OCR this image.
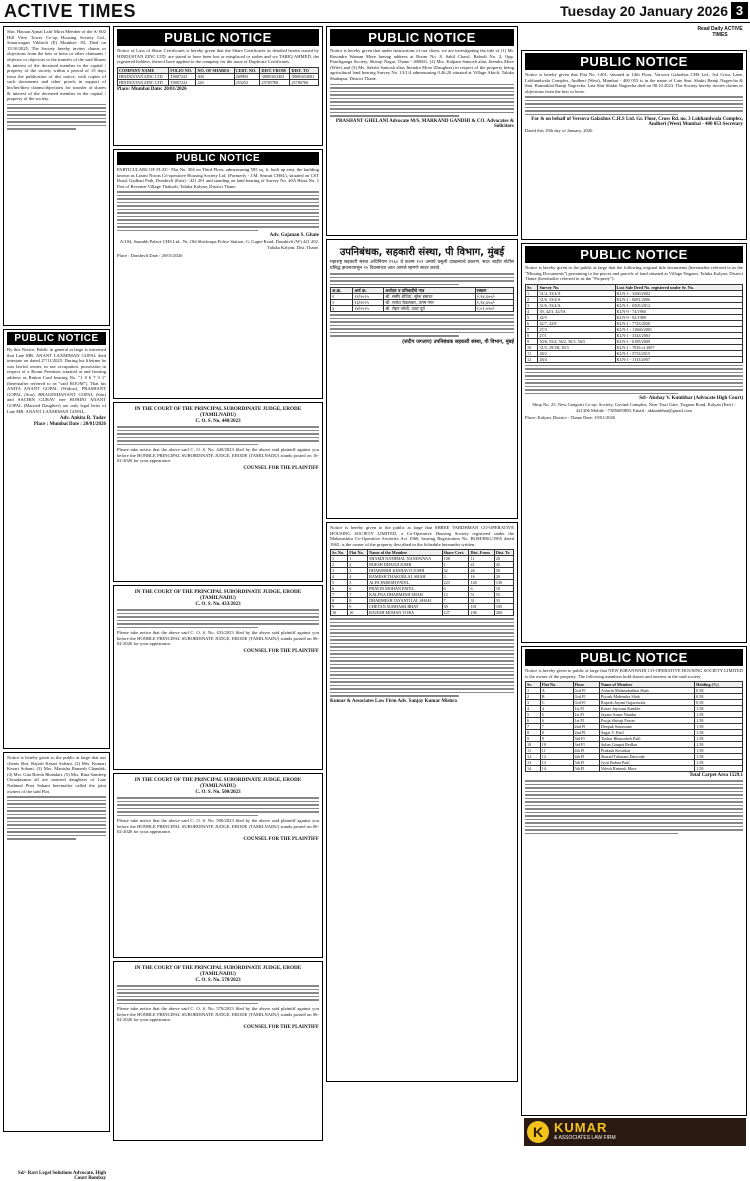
ACTIVE TIMES	Tuesday 20 January 2026 3

Shri. Hassan Ajmal Latif Mirzi Member of the A/ 602 Hill View Tower Co-op Housing Society Ltd., Sonarwagan Vikhroli (E) Mumbai- 83, Died on 15/10/2025. The Society hereby invites claims or objections from the heir or heirs or other claimants / objector or objectors to the transfer of the said Shares & interest of the deceased member in the capital / property of the society within a period of 15 days from the publication of this notice, with copies of such documents and other proofs in support of his/her/their claims/objections for transfer of shares & interest of the deceased member in the capital / property of the society.

PUBLIC NOTICE

By this Notice, Public in general at large is informed that Late MR. ANANT LAXMIMAN GOPAL died intestate on dated 27/11/2025. During his lifetime he was lawful owner, in use occupation, possession in respect of a Room Premises situated at and bearing address as Ration Card bearing No. "1 0 6 7 3 1" (hereinafter referred to as "said ROOM"). That his ANITA ANANT GOPAL (Widow), PRASHANT GOPAL (Son), BHAGESHANANT GOPAL (Son) and SACHIN GURAV nee ROHINI ANANT GOPAL (Married Daughter) are only legal heirs of Late MR. ANANT LAXMIMAN GOPAL.

Adv. Ankita R. Yadav
Place : Mumbai Date : 20/01/2026

Notice is hereby given to the public at large that our clients Shri. Rajesh Kesari Sobani, (2) Mrs. Kumari Kesari Sobani, (3) Mrs. Manisha Ramesh Chandak, (4) Mrs. Gita Ritesh Bhandari, (5) Mrs. Rina Sandeep Choudasama all are married daughters of Late Nathmal Pitra Sobani hereinafter called the joint owners of the said Flat.

Sd/- Ravi Legal Solutions Advocate, High Court Bombay
PUBLIC NOTICE

Notice of Loss of Share Certificates is hereby given that the Share Certificates as detailed herein issued by HINDUSTAN ZINC LTD. are stated to have been lost or misplaced or stolen and we TARIQ AHMED, the registered holders, thereof have applied to the company for the issue of Duplicate Certificates.

COMPANY NAME	FOLIO NO.	NO. OF SHARES	CERT. NO.	DIST. FROM	DIST. TO
HINDUSTAN ZINC LTD	T0007223	400	269993	38881653481	38881654081
HINDUSTAN ZINC LTD	T0007223	240	253253	25785768	25786760
Place: Mumbai Date: 20/01/2026
PUBLIC NOTICE

PARTICULARS OF FLAT:- Flat No. 304 on Third Floor, admeasuring 585 sq. ft. built up area, the building known as Laxmi Niwas Co-operative Housing Society Ltd. (Formerly - J.M. Smruti CHSL), situated on CST Road, Gadkari Path, Dombivli (East) - 421 201 and standing on land bearing of Survey No. 40A Hissa No. 1 Part of Revenue Village Thakurli, Taluka Kalyan, District Thane.

Adv. Gajanan S. Ghate

A/104, Saurabh Palace CHS Ltd., Nr. Old Shivkrupa Police Station, G. Gupte Road, Dombivli (W) 421 202. Taluka Kalyan, Dist. Thane.

Place : Dombivli Date : 20/01/2026

IN THE COURT OF THE PRINCIPAL SUBORDINATE JUDGE, ERODE (TAMILNADU)
C. O. S. No. 440/2023

Please take notice that the above said C. O. S. No. 440/2023 filed by the above said plaintiff against you before the HONBLE PRINCIPAL SUBORDINATE JUDGE, ERODE (TAMILNADU) stands posted on 16-02-2026 for your appearance.

COUNSEL FOR THE PLAINTIFF
IN THE COURT OF THE PRINCIPAL SUBORDINATE JUDGE, ERODE (TAMILNADU)
C. O. S. No. 433/2023

Please take notice that the above said C. O. S. No. 433/2023 filed by the above said plaintiff against you before the HONBLE PRINCIPAL SUBORDINATE JUDGE, ERODE (TAMILNADU) stands posted on 06-02-2026 for your appearance.

COUNSEL FOR THE PLAINTIFF
IN THE COURT OF THE PRINCIPAL SUBORDINATE JUDGE, ERODE (TAMILNADU)
C. O. S. No. 500/2023

Please take notice that the above said C. O. S. No. 500/2023 filed by the above said plaintiff against you before the HONBLE PRINCIPAL SUBORDINATE JUDGE, ERODE (TAMILNADU) stands posted on 06-02-2026 for your appearance.

COUNSEL FOR THE PLAINTIFF
IN THE COURT OF THE PRINCIPAL SUBORDINATE JUDGE, ERODE (TAMILNADU)
C. O. S. No. 570/2023

Please take notice that the above said C. O. S. No. 570/2023 filed by the above said plaintiff against you before the HONBLE PRINCIPAL SUBORDINATE JUDGE, ERODE (TAMILNADU) stands posted on 06-02-2026 for your appearance.

COUNSEL FOR THE PLAINTIFF
PUBLIC NOTICE

Notice is hereby given that under instructions of our client, we are investigating the title of (1) Mr. Ravindra Waman More having address at Room No. 8, Sahil Chawl, Rabodi No. 2, Opp. Panchganga Society, Shivaji Nagar, Thane - 400601, (2) Mrs. Kalpani Santosh alias Jitendra More (Wife) and (3) Ms. Sakshi Santosh alias Jitendra More (Daughter) in respect of the property being agricultural land bearing Survey No. 13/1/4 admeasuring 0.46.20 situated at Village Aktoli, Taluka Shahapur, District Thane.

PRASHANT GHELANI Advocate M/S. MARKAND GANDHI & CO. Advocates & Solicitors
उपनिबंधक, सहकारी संस्था, पी विभाग, मुंबई

महाराष्ट्र सहकारी संस्था अधिनियम १९६० चे कलम १०१ अन्वये वसुली दाखल्याचे प्रकरण. सदर जाहीर नोटीस प्रसिद्ध झाल्यापासून १५ दिवसांच्या आत आपले म्हणणे सादर करावे.

अ.क्र.	अर्ज क्र.	अर्जदार व प्रतिवादीचे नाव	रक्कम
१	१२/२०२५	श्री. समीर शेठिया, सुरेश इमारत	२,२४,६००/-
२	१३/२०२५	श्री. राजेश चेऊलकर, उत्तम नगर	१,१४,३५०/-
३	१४/२०२५	श्री. रोहन जोशी, दादर पूर्व	२,०९,५२०/-
(संदीप जगताप) उपनिबंधक सहकारी संस्था, पी विभाग, मुंबई

Notice is hereby given to the public at large that SHREE VARDHMAN CO-OPERATIVE HOUSING SOCIETY LIMITED, a Co-Operative Housing Society registered under the Maharashtra Co-Operative Societies Act 1960, bearing Registration No. BOM/HSG/1965 dated 1965, is the owner of the property described in the Schedule hereunder written.

Sr. No.	Flat No.	Name of the Member	Share Cert.	Dist. From	Dist. To
1	1	SHAMJI NATHMAL NANDWANA	108	11	20
2	2	BIJESH DHANJI JOSHI	1	41	45
3	3	DHARMSHI KESHAVJI JOSHI	32	46	50
4	4	RAMESH THAKORLAL SHAH	3	16	20
5	5	ALPA PARESH PATEL	223	126	130
6	6	PRAVIN MOHAN PATEL	6	6	10
7	7	KALPNA DHARMESH SHAH	13	51	55
8	8	DHARMESH JAYANTILAL SHAH	7	31	35
9	9	CHETAN SUBHASH BHAT	39	101	105
10	10	RAJESH MOHAN VORA	127	196	200
Kumar & Associates Law Firm Adv. Sanjay Kumar Mishra
PUBLIC NOTICE

Notice is hereby given that Flat No. 1401, situated at 14th Floor, Varsova Galaxhus CHS Ltd., 3rd Cross Lane, Lokhandwala Complex, Andheri (West), Mumbai - 400 053 is in the name of Late Smt. Shakti Ramji Nagrecha & Smt. Ramniklal Ramji Nagrecha. Late Shri Shakti Nagrecha died on 08.10.2023. The Society hereby invites claims or objections from the heir or heirs.

For & on behalf of Versova Galaxhus C.H.S Ltd. Gr. Floor, Cross Rd. no. 3 Lokhandwala Complex, Andheri (West) Mumbai - 400 053 Secretary

Dated this 19th day of January, 2026

PUBLIC NOTICE

Notice is hereby given to the public at large that the following original title documents (hereinafter referred to as the "Missing Documents") pertaining to the pieces and parcels of land situated at Village Nagaon, Taluka Kalyan, District Thane (hereinafter referred to as the "Property").

Sr.	Survey No.	Lost Sale Deed No. registered under Sr. No.
1	31/4, 33/4/A	KLN-1 - 3260/2002
2	31/6, 33/4/A	KLN-1 - 6081/2006
3	31/6, 33/4/A	KLN-1 - 6505/2012
4	39, 42/3, 42/5A	KLN-9 - 74/1960
5	42/5	KLN-9 - 92/1989
6	42/7, 42/8	KLN-1 - 7723/2020
7	27/3	KLN-1 - 11660/2001
8	27/1	KLN-1 - 3343/2003
9	50/6, 55/4, 56/2, 56/3, 56/5	KLN-1 - 6185/2009
10	31/5, 29/1B, 29/3	KLN-1 - 7816 of 2007
11	28/2	KLN-1 - 5733/2015
12	28/4	KLN-1 - 1133/2007
Sd/- Akshay V. Kumbhar (Advocate High Court)

Shop No. 25, New Gangotri Co-op. Society, Govind Complex, Near Tisai Gate, Tisgaon Road, Kalyan (East) - 421306 Mobile : 7385685800, Email : akkumbhar@gmail.com

Place: Kalyan, District - Thane Date: 19/01/2026

PUBLIC NOTICE

Notice is hereby given to public at large that NEW KIRANWADI CO-OPERATIVE HOUSING SOCIETY LIMITED is the owner of the property. The following members hold shares and interest in the said society.

Sr.	Flat No.	Floor	Name of Member	Holding (%)
1	A	Grd Fl	Ashwin Mahendrabhai Shah	0.58
2	B	Grd Fl	Piyush Mahendra Shah	0.58
3	C	Grd Fl	Rupesh Jayant Gajarawala	0.58
4	4	1st Fl	Kesav Jaywant Kamble	1.58
5	5	1st Fl	Jayant Anant Nandar	1.58
6	6	1st Fl	Pooja Shivaji Pawar	1.58
7	7	2nd Fl	Deepak Sonawane	1.58
8	8	2nd Fl	Sagar V. Patil	1.58
9	9	3rd Fl	Tushar Bhausaheb Patil	1.58
10	10	3rd Fl	Suhas Ganpat Redkar	1.58
11	11	4th Fl	Prakash Kesarkar	1.58
12	12	4th Fl	Sharad Tukaram Darwade	1.58
13	13	5th Fl	Jyoti Baban Patil	1.58
14	14	5th Fl	Nilesh Ramesh More	1.58
Total Carpet Area 1529.1
Read Daily ACTIVE TIMES
K KUMAR
& ASSOCIATES LAW FIRM
